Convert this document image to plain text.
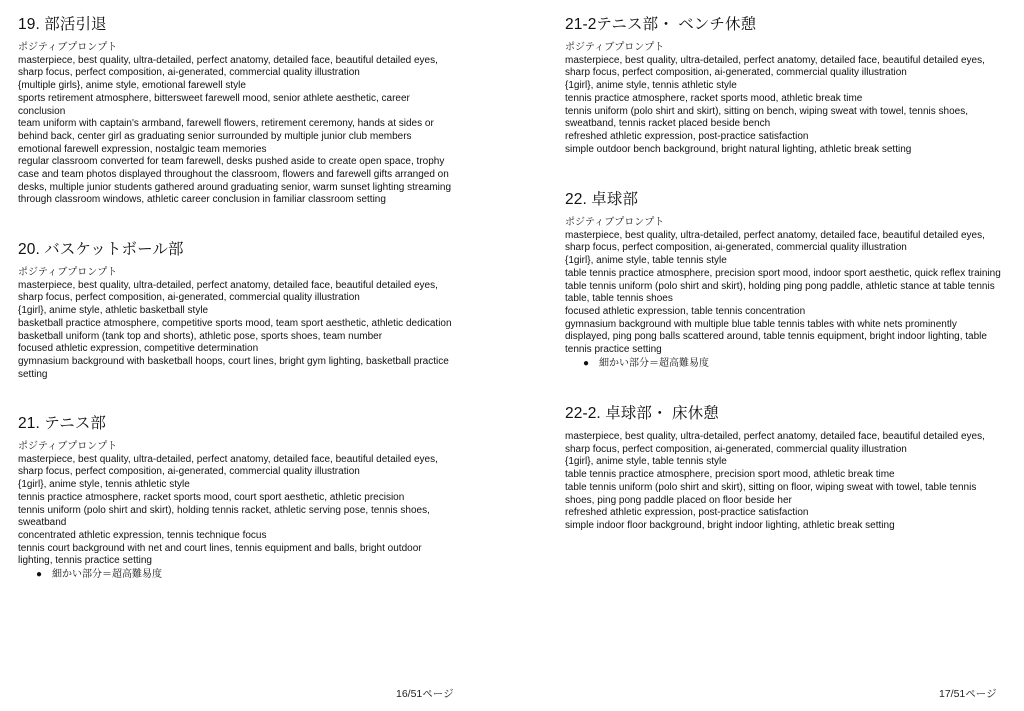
19. 部活引退
ポジティブプロンプト
masterpiece, best quality, ultra-detailed, perfect anatomy, detailed face, beautiful detailed eyes,
sharp focus, perfect composition, ai-generated, commercial quality illustration
{multiple girls}, anime style, emotional farewell style
sports retirement atmosphere, bittersweet farewell mood, senior athlete aesthetic, career
conclusion
team uniform with captain's armband, farewell flowers, retirement ceremony, hands at sides or
behind back, center girl as graduating senior surrounded by multiple junior club members
emotional farewell expression, nostalgic team memories
regular classroom converted for team farewell, desks pushed aside to create open space, trophy
case and team photos displayed throughout the classroom, flowers and farewell gifts arranged on
desks, multiple junior students gathered around graduating senior, warm sunset lighting streaming
through classroom windows, athletic career conclusion in familiar classroom setting
20. バスケットボール部
ポジティブプロンプト
masterpiece, best quality, ultra-detailed, perfect anatomy, detailed face, beautiful detailed eyes,
sharp focus, perfect composition, ai-generated, commercial quality illustration
{1girl}, anime style, athletic basketball style
basketball practice atmosphere, competitive sports mood, team sport aesthetic, athletic dedication
basketball uniform (tank top and shorts), athletic pose, sports shoes, team number
focused athletic expression, competitive determination
gymnasium background with basketball hoops, court lines, bright gym lighting, basketball practice
setting
21. テニス部
ポジティブプロンプト
masterpiece, best quality, ultra-detailed, perfect anatomy, detailed face, beautiful detailed eyes,
sharp focus, perfect composition, ai-generated, commercial quality illustration
{1girl}, anime style, tennis athletic style
tennis practice atmosphere, racket sports mood, court sport aesthetic, athletic precision
tennis uniform (polo shirt and skirt), holding tennis racket, athletic serving pose, tennis shoes,
sweatband
concentrated athletic expression, tennis technique focus
tennis court background with net and court lines, tennis equipment and balls, bright outdoor
lighting, tennis practice setting
● 細かい部分＝超高難易度
16/51ページ
21-2テニス部・ ベンチ休憩
ポジティブプロンプト
masterpiece, best quality, ultra-detailed, perfect anatomy, detailed face, beautiful detailed eyes,
sharp focus, perfect composition, ai-generated, commercial quality illustration
{1girl}, anime style, tennis athletic style
tennis practice atmosphere, racket sports mood, athletic break time
tennis uniform (polo shirt and skirt), sitting on bench, wiping sweat with towel, tennis shoes,
sweatband, tennis racket placed beside bench
refreshed athletic expression, post-practice satisfaction
simple outdoor bench background, bright natural lighting, athletic break setting
22. 卓球部
ポジティブプロンプト
masterpiece, best quality, ultra-detailed, perfect anatomy, detailed face, beautiful detailed eyes,
sharp focus, perfect composition, ai-generated, commercial quality illustration
{1girl}, anime style, table tennis style
table tennis practice atmosphere, precision sport mood, indoor sport aesthetic, quick reflex training
table tennis uniform (polo shirt and skirt), holding ping pong paddle, athletic stance at table tennis
table, table tennis shoes
focused athletic expression, table tennis concentration
gymnasium background with multiple blue table tennis tables with white nets prominently
displayed, ping pong balls scattered around, table tennis equipment, bright indoor lighting, table
tennis practice setting
● 細かい部分＝超高難易度
22-2. 卓球部・ 床休憩
masterpiece, best quality, ultra-detailed, perfect anatomy, detailed face, beautiful detailed eyes,
sharp focus, perfect composition, ai-generated, commercial quality illustration
{1girl}, anime style, table tennis style
table tennis practice atmosphere, precision sport mood, athletic break time
table tennis uniform (polo shirt and skirt), sitting on floor, wiping sweat with towel, table tennis
shoes, ping pong paddle placed on floor beside her
refreshed athletic expression, post-practice satisfaction
simple indoor floor background, bright indoor lighting, athletic break setting
17/51ページ
